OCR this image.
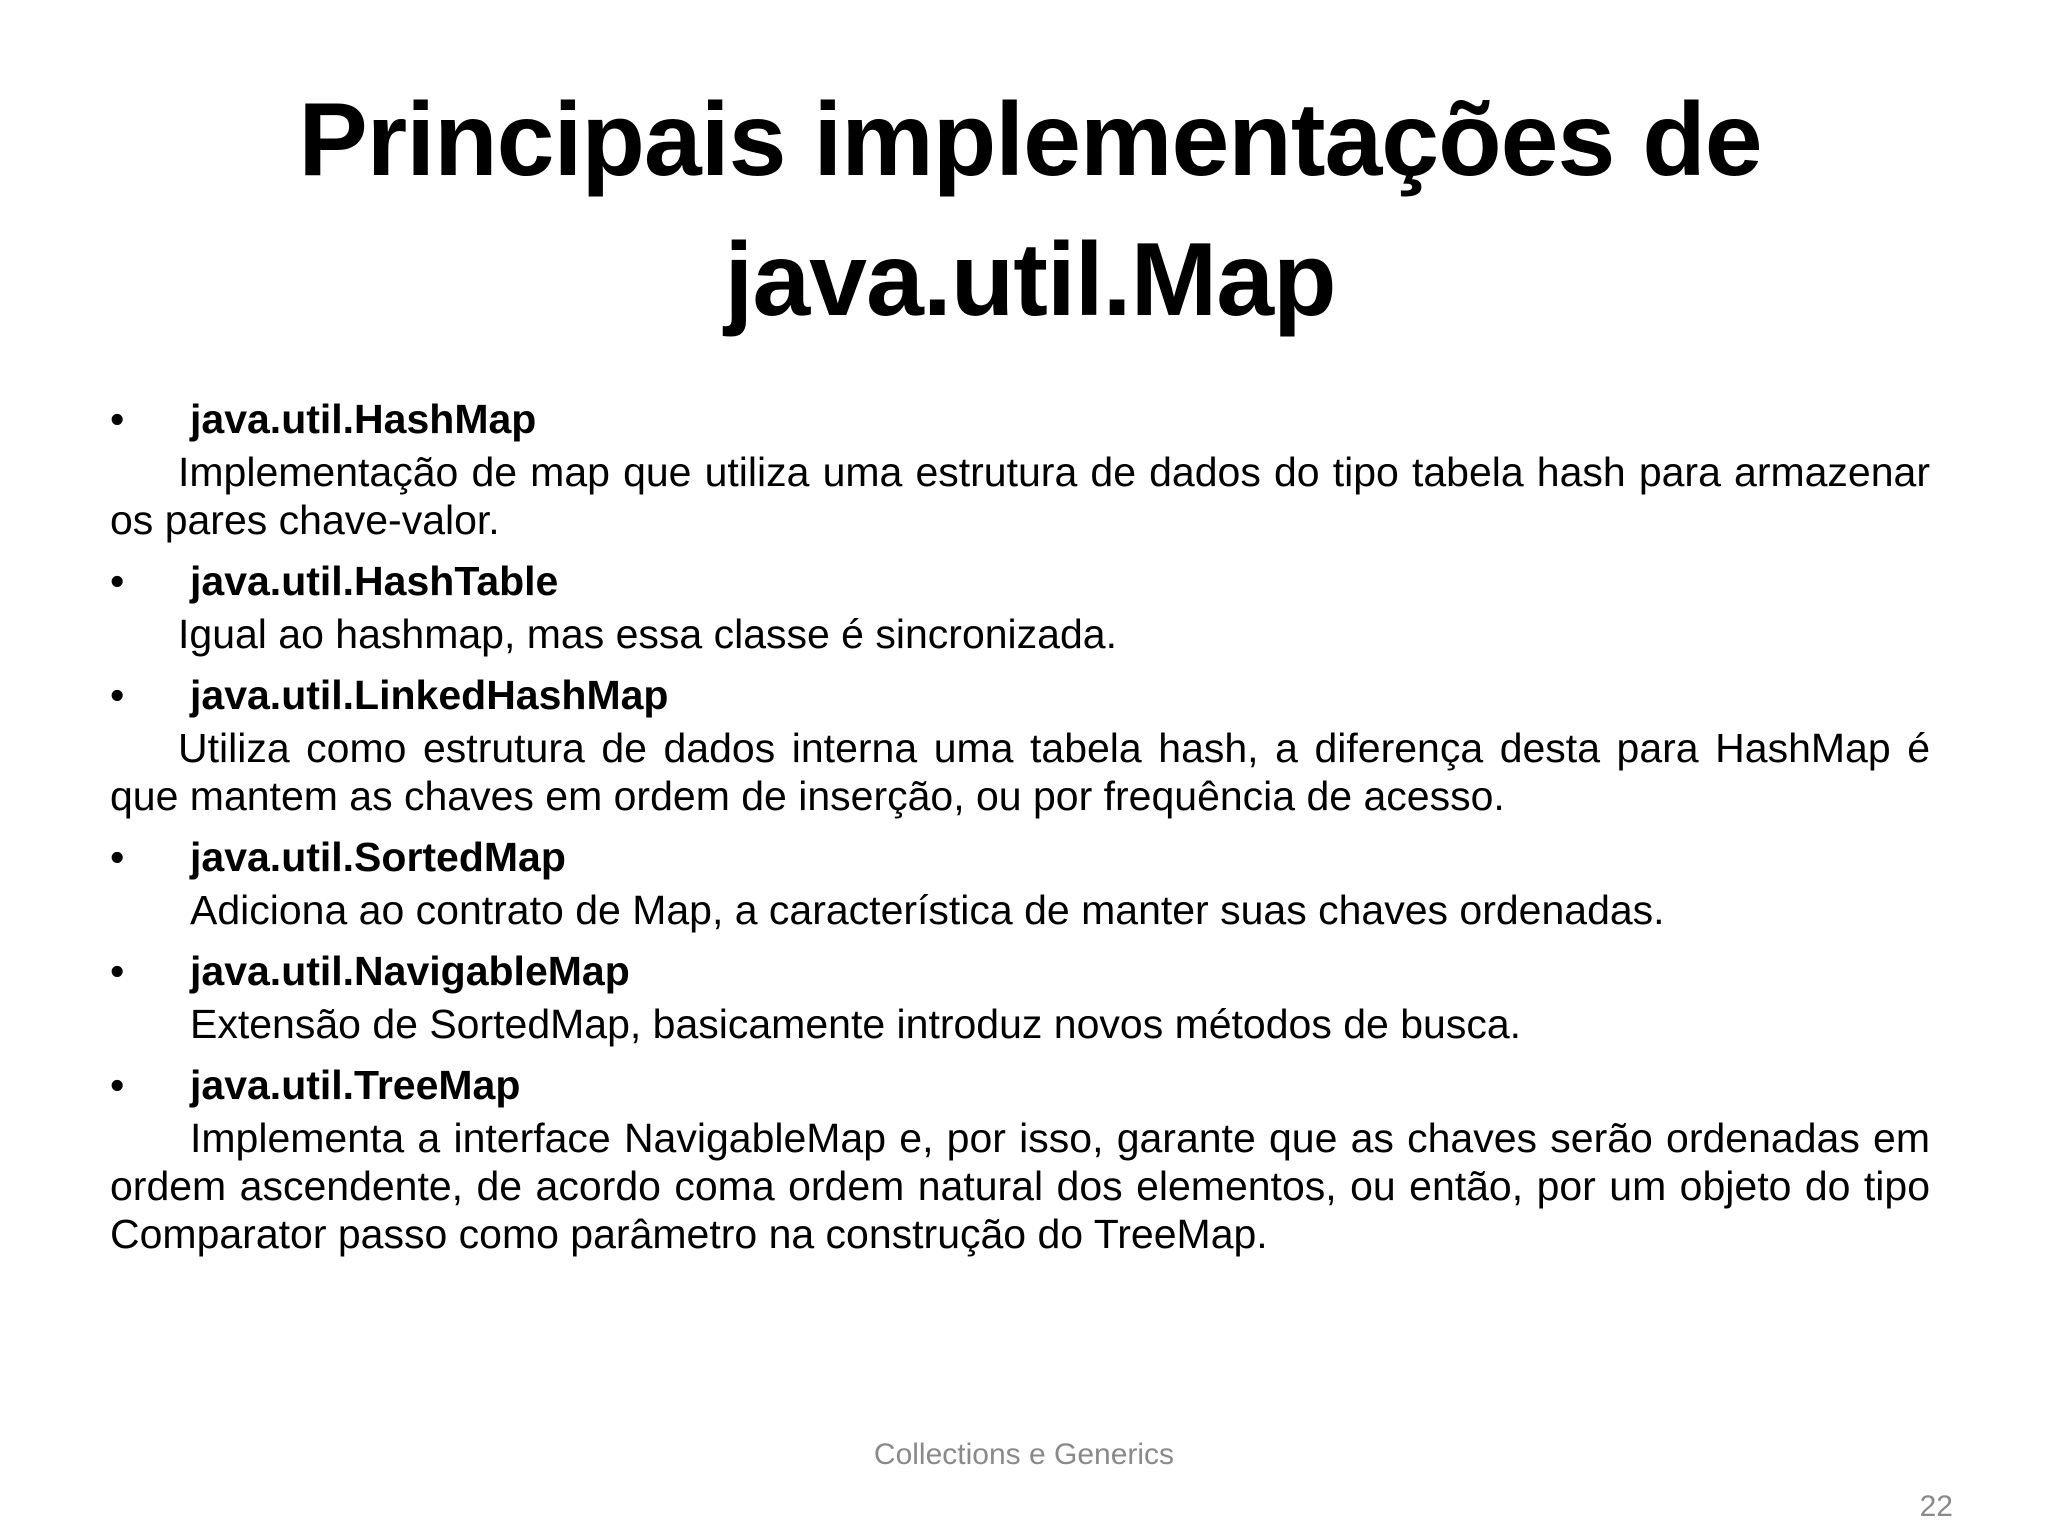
Principais implementações de
java.util.Map
• java.util.HashMap

Implementação de map que utiliza uma estrutura de dados do tipo tabela hash para armazenar os pares chave-valor.

• java.util.HashTable

Igual ao hashmap, mas essa classe é sincronizada.

• java.util.LinkedHashMap

Utiliza como estrutura de dados interna uma tabela hash, a diferença desta para HashMap é que mantem as chaves em ordem de inserção, ou por frequência de acesso.

• java.util.SortedMap

Adiciona ao contrato de Map, a característica de manter suas chaves ordenadas.

• java.util.NavigableMap

Extensão de SortedMap, basicamente introduz novos métodos de busca.

• java.util.TreeMap

Implementa a interface NavigableMap e, por isso, garante que as chaves serão ordenadas em ordem ascendente, de acordo coma ordem natural dos elementos, ou então, por um objeto do tipo Comparator passo como parâmetro na construção do TreeMap.

Collections e Generics
22
